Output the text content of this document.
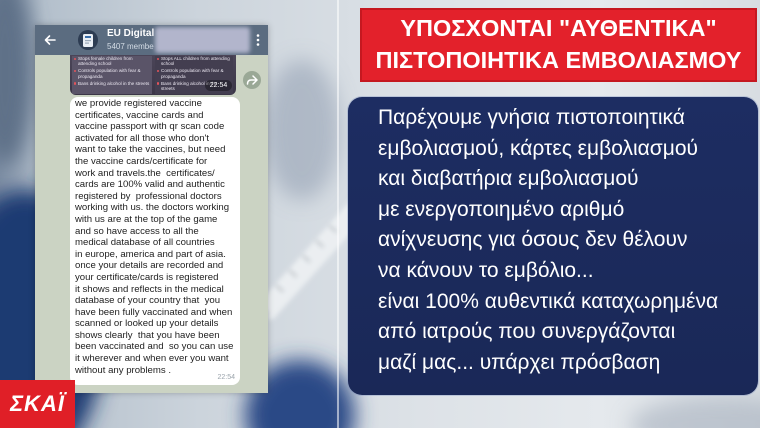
EU Digital
5407 membe
Stops female children from attending school
Controls population with fear & propaganda
Bans drinking alcohol in the streets
Stops ALL children from attending school
Controls population with fear & propaganda
Bans drinking alcohol in the streets	22:54
we provide registered vaccine
certificates, vaccine cards and
vaccine passport with qr scan code
activated for all those who don't
want to take the vaccines, but need
the vaccine cards/certificate for
work and travels.the  certificates/
cards are 100% valid and authentic
registered by  professional doctors
working with us. the doctors working
with us are at the top of the game
and so have access to all the
medical database of all countries
in europe, america and part of asia.
once your details are recorded and
your certificate/cards is registered
it shows and reflects in the medical
database of your country that  you
have been fully vaccinated and when
scanned or looked up your details
shows clearly  that you have been
been vaccinated and  so you can use
it wherever and when ever you want
without any problems .
22:54
ΥΠΟΣΧΟΝΤΑΙ "ΑΥΘΕΝΤΙΚΑ"
ΠΙΣΤΟΠΟΙΗΤΙΚΑ ΕΜΒΟΛΙΑΣΜΟΥ
Παρέχουμε γνήσια πιστοποιητικά
εμβολιασμού, κάρτες εμβολιασμού
και διαβατήρια εμβολιασμού
με ενεργοποιημένο αριθμό
ανίχνευσης για όσους δεν θέλουν
να κάνουν το εμβόλιο...
είναι 100% αυθεντικά καταχωρημένα
από ιατρούς που συνεργάζονται
μαζί μας... υπάρχει πρόσβαση
ΣΚΑΪ
